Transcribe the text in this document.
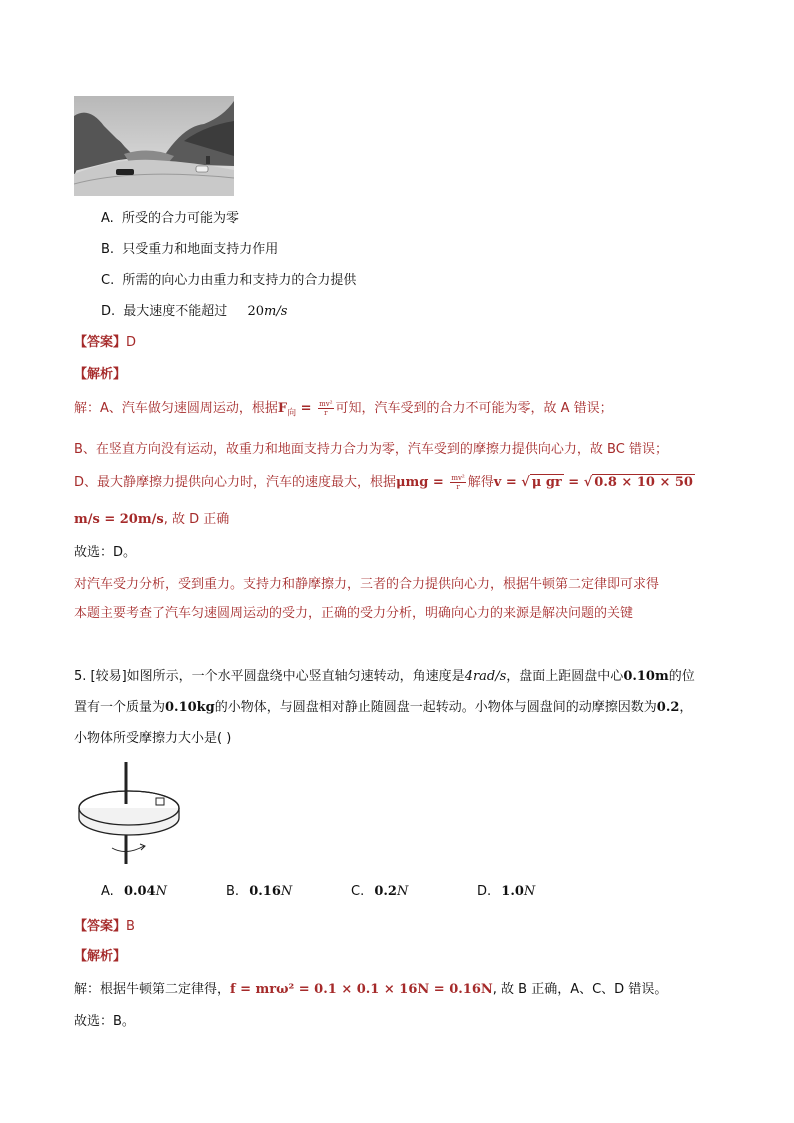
A. 所受的合力可能为零
B. 只受重力和地面支持力作用
C. 所需的向心力由重力和支持力的合力提供
D. 最大速度不能超过 20m/s
【答案】D
【解析】
解：A、汽车做匀速圆周运动，根据$F_向 = \frac{\text{mv²}}{r}$ 可知，汽车受到的合力不可能为零，故 A 错误；
B、在竖直方向没有运动，故重力和地面支持力合力为零，汽车受到的摩擦力提供向心力，故 BC 错误；
D、最大静摩擦力提供向心力时，汽车的速度最大，根据$\mu mg = \frac{\text{mv²}}{r}$ 解得v = √ μ gr = √ 0.8 × 10 × 50
m/s = 20m/s, 故 D 正确
故选：D。
对汽车受力分析，受到重力。支持力和静摩擦力，三者的合力提供向心力，根据牛顿第二定律即可求得
本题主要考查了汽车匀速圆周运动的受力，正确的受力分析，明确向心力的来源是解决问题的关键
5. [较易]如图所示，一个水平圆盘绕中心竖直轴匀速转动，角速度是4rad/s，盘面上距圆盘中心0.10m的位
置有一个质量为0.10kg的小物体，与圆盘相对静止随圆盘一起转动。小物体与圆盘间的动摩擦因数为0.2，
小物体所受摩擦力大小是( )
A. 0.04N	B. 0.16N	C. 0.2N	D. 1.0N
【答案】B
【解析】
解：根据牛顿第二定律得，f = mrω² = 0.1 × 0.1 × 16N = 0.16N, 故 B 正确，A、C、D 错误。
故选：B。
